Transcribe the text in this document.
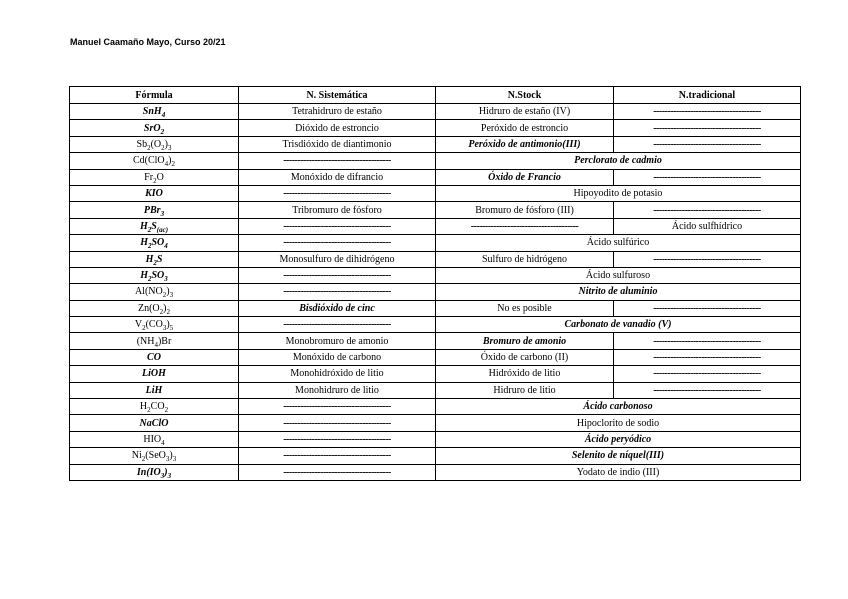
Manuel Caamaño Mayo, Curso 20/21
Fórmula	N. Sistemática	N.Stock	N.tradicional
SnH$_4$	Tetrahidruro de estaño	Hidruro de estaño (IV)	--------------------------------------
SrO$_2$	Dióxido de estroncio	Peróxido de estroncio	--------------------------------------
$Sb_2(O_2)_3$	Trisdióxido de diantimonio	Peróxido de antimonio(III)	--------------------------------------
$Cd(ClO_4)_2$	--------------------------------------	Perclorato de cadmio	
$Fr_2O$	Monóxido de difrancio	Óxido de Francio	--------------------------------------
KIO	--------------------------------------	Hipoyodito de potasio	
PBr$_3$	Tribromuro de fósforo	Bromuro de fósforo (III)	--------------------------------------
$H_2S_{(ac)}$	--------------------------------------	--------------------------------------	Ácido sulfhídrico
$H_2SO_4$	--------------------------------------	Ácido sulfúrico	
$H_2S$	Monosulfuro de dihidrógeno	Sulfuro de hidrógeno	--------------------------------------
$H_2SO_3$	--------------------------------------	Ácido sulfuroso	
$Al(NO_2)_3$	--------------------------------------	Nitrito de aluminio	
$Zn(O_2)_2$	Bisdióxido de cinc	No es posible	--------------------------------------
$V_2(CO_3)_5$	--------------------------------------	Carbonato de vanadio (V)	
$(NH_4)Br$	Monobromuro de amonio	Bromuro de amonio	--------------------------------------
CO	Monóxido de carbono	Óxido de carbono (II)	--------------------------------------
LiOH	Monohidróxido de litio	Hidróxido de litio	--------------------------------------
LiH	Monohidruro de litio	Hidruro de litio	--------------------------------------
$H_2CO_2$	--------------------------------------	Ácido carbonoso	
NaClO	--------------------------------------	Hipoclorito de sodio	
$HIO_4$	--------------------------------------	Ácido peryódico	
$Ni_2(SeO_3)_3$	--------------------------------------	Selenito de níquel(III)	
$In(IO_3)_3$	--------------------------------------	Yodato de indio (III)	
